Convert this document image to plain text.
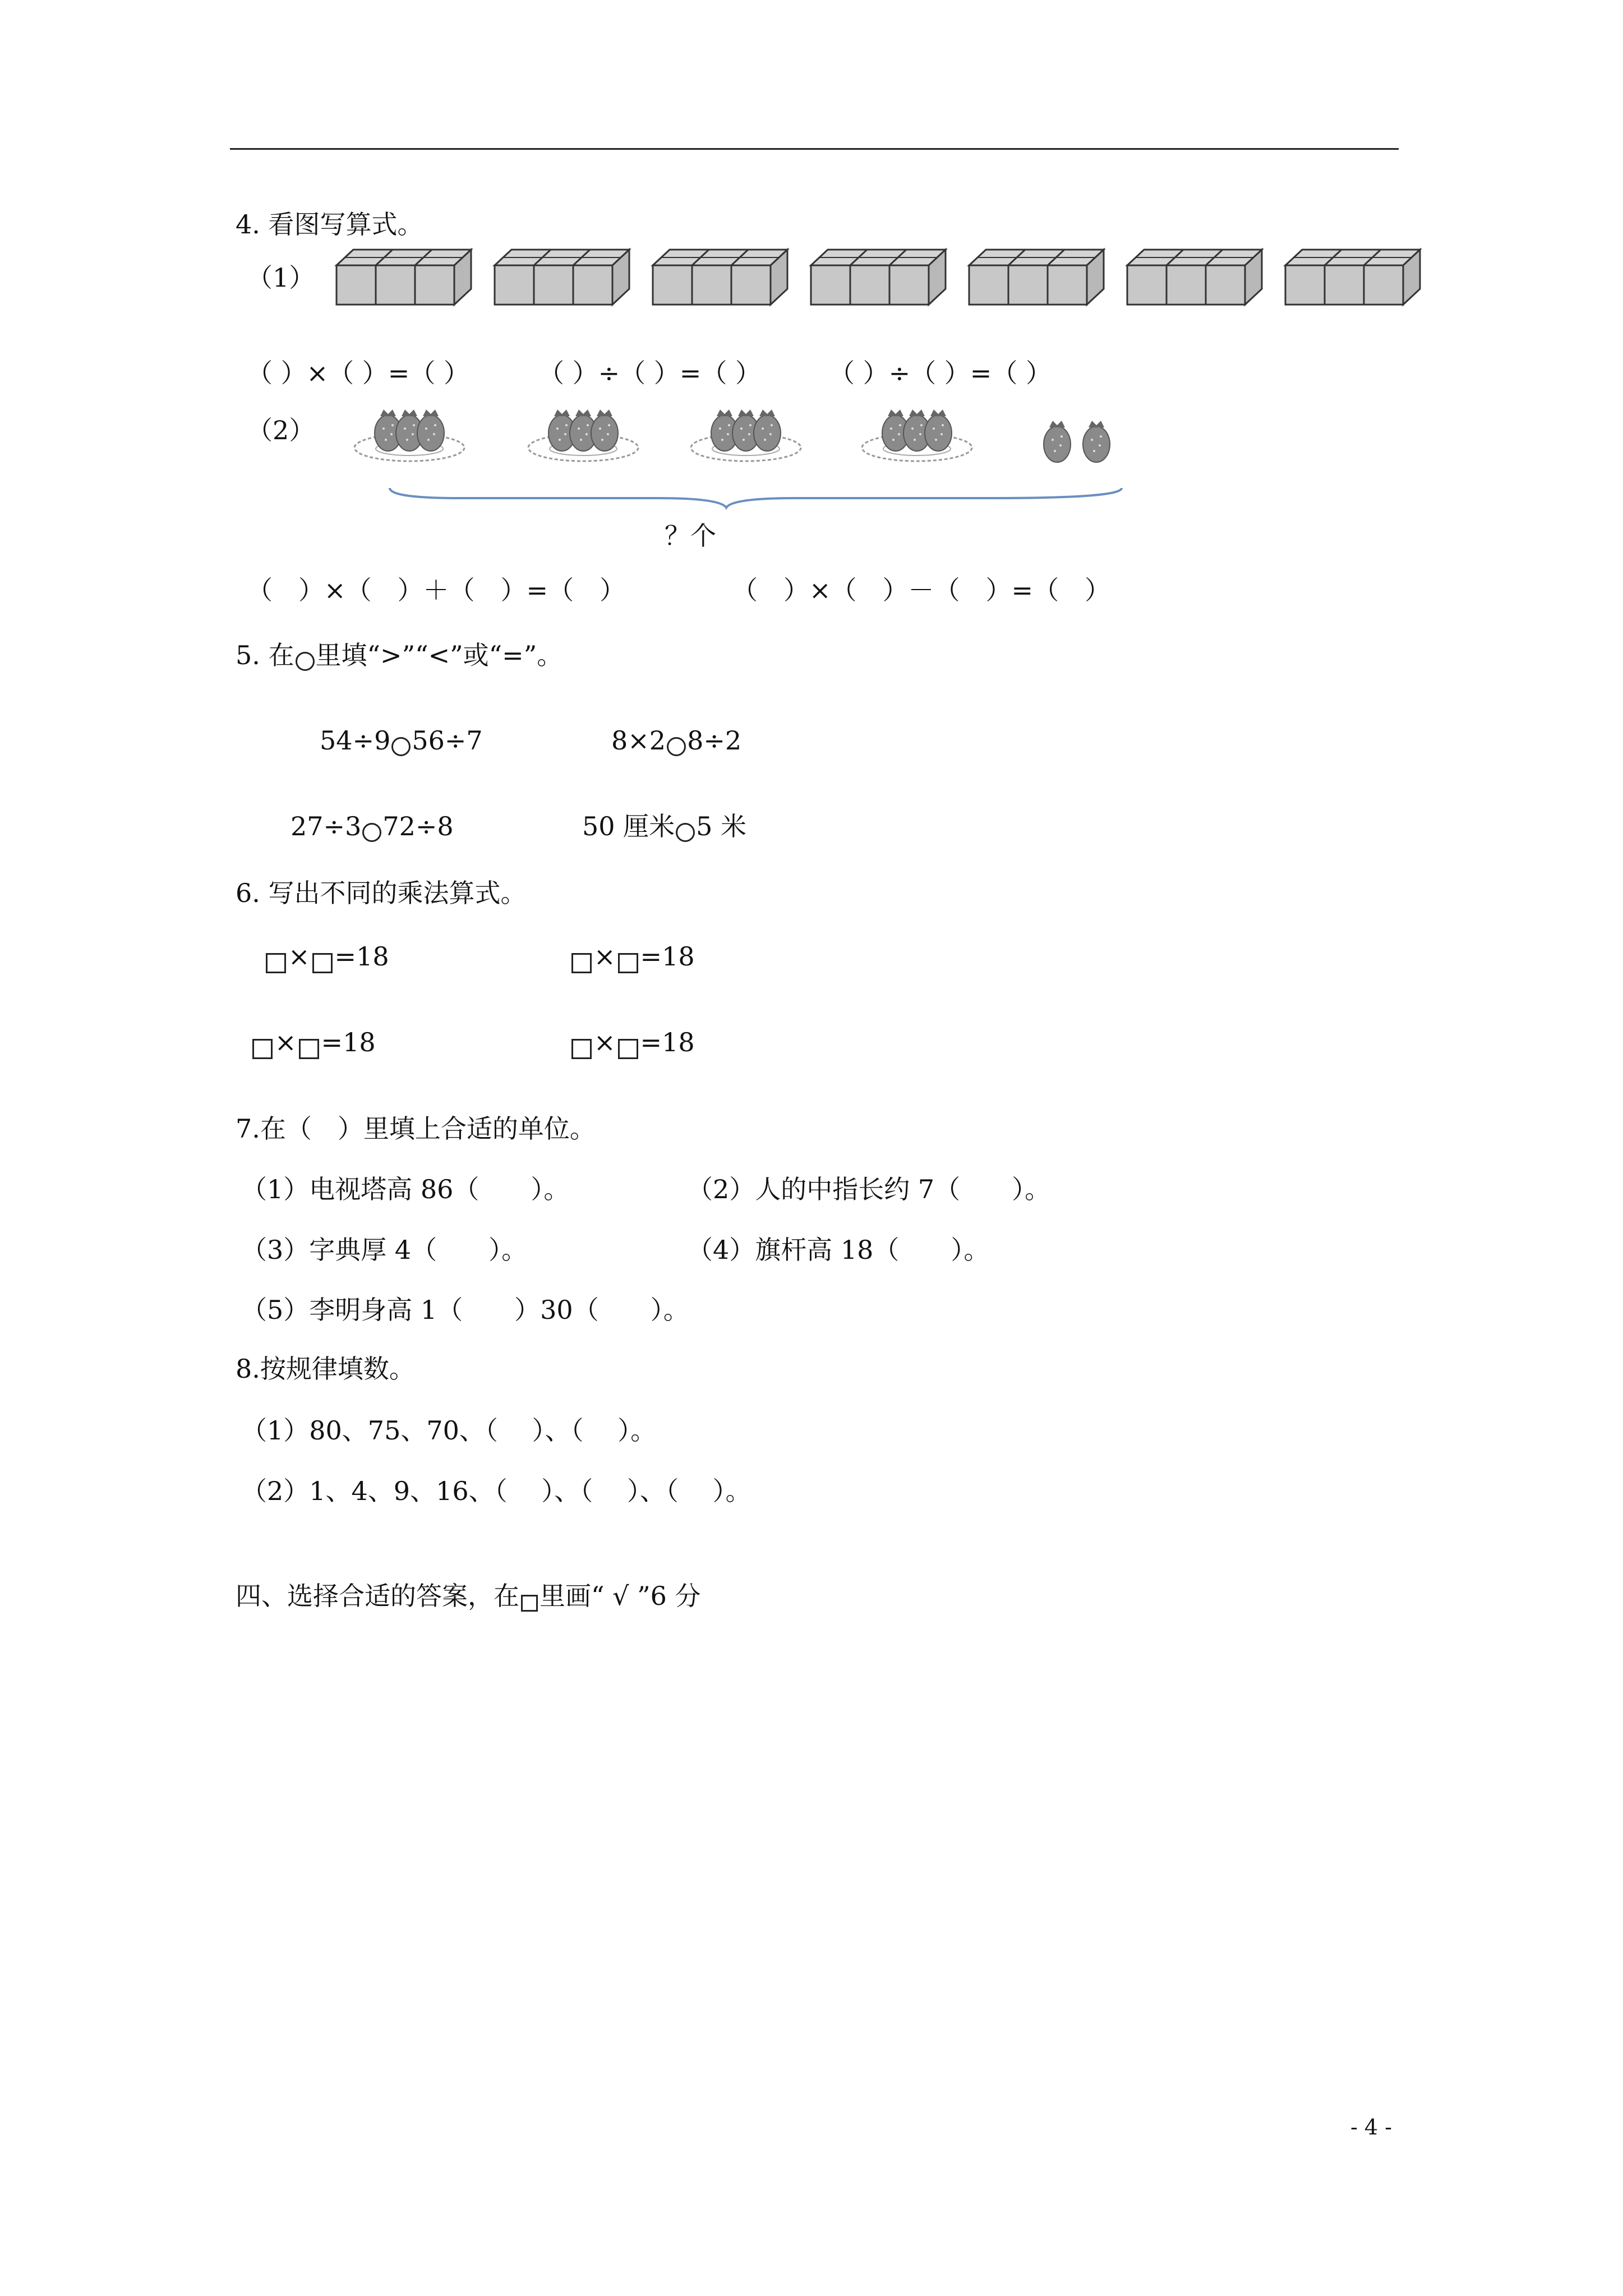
4. 看图写算式。
（1）
（ ）×（ ）=（ ）	（ ）÷（ ）=（ ）	（ ）÷（ ）=（ ）
（2）
？个
（　）×（　）＋（　）=（　）	（　）×（　）－（　）=（　）
5. 在 里填“>”“<”或“=”。
54÷9 56÷7	8×2 8÷2
27÷3 72÷8	50 厘米 5 米
6. 写出不同的乘法算式。
× =18	× =18
× =18	× =18
7.在（　）里填上合适的单位。
（1）电视塔高 86（　　）。	（2）人的中指长约 7（　　）。
（3）字典厚 4（　　）。	（4）旗杆高 18（　　）。
（5）李明身高 1（　　）30（　　）。
8.按规律填数。
（1）80、75、70、（　 ）、（　 ）。
（2）1、4、9、16、（　 ）、（　 ）、（　 ）。
四、选择合适的答案，在 里画“ √ ”6 分
- 4 -
